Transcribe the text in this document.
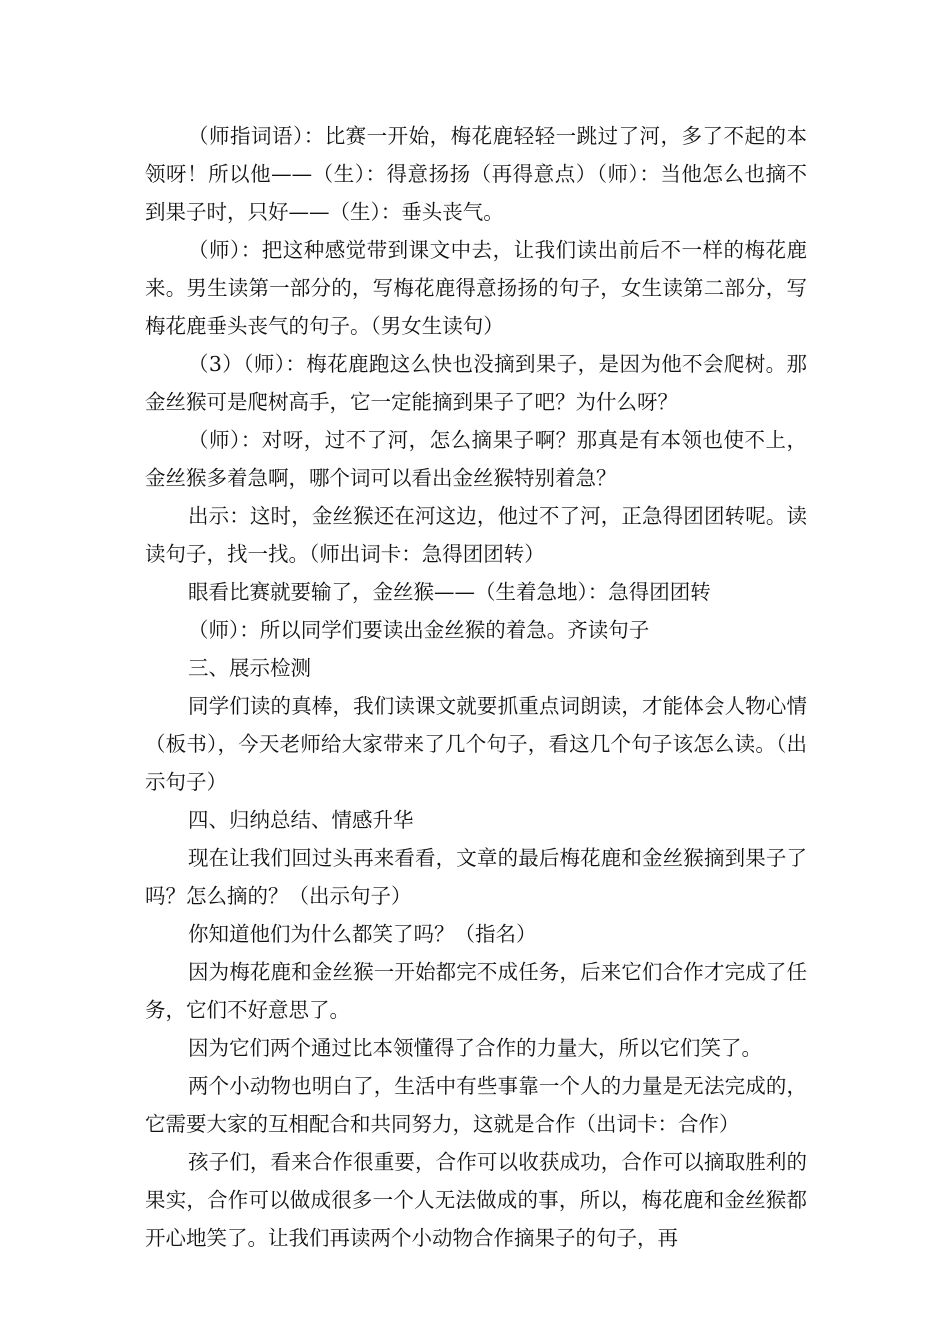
（师指词语）：比赛一开始，梅花鹿轻轻一跳过了河，多了不起的本领呀！所以他——（生）：得意扬扬（再得意点）（师）：当他怎么也摘不到果子时，只好——（生）：垂头丧气。

（师）：把这种感觉带到课文中去，让我们读出前后不一样的梅花鹿来。男生读第一部分的，写梅花鹿得意扬扬的句子，女生读第二部分，写梅花鹿垂头丧气的句子。（男女生读句）

（3）（师）：梅花鹿跑这么快也没摘到果子，是因为他不会爬树。那金丝猴可是爬树高手，它一定能摘到果子了吧？为什么呀？

（师）：对呀，过不了河，怎么摘果子啊？那真是有本领也使不上，金丝猴多着急啊，哪个词可以看出金丝猴特别着急？

出示：这时，金丝猴还在河这边，他过不了河，正急得团团转呢。读读句子，找一找。（师出词卡：急得团团转）

眼看比赛就要输了，金丝猴——（生着急地）：急得团团转

（师）：所以同学们要读出金丝猴的着急。齐读句子

三、展示检测

同学们读的真棒，我们读课文就要抓重点词朗读，才能体会人物心情（板书），今天老师给大家带来了几个句子，看这几个句子该怎么读。（出示句子）

四、归纳总结、情感升华

现在让我们回过头再来看看，文章的最后梅花鹿和金丝猴摘到果子了吗？怎么摘的？（出示句子）

你知道他们为什么都笑了吗？（指名）

因为梅花鹿和金丝猴一开始都完不成任务，后来它们合作才完成了任务，它们不好意思了。

因为它们两个通过比本领懂得了合作的力量大，所以它们笑了。

两个小动物也明白了，生活中有些事靠一个人的力量是无法完成的，它需要大家的互相配合和共同努力，这就是合作（出词卡：合作）

孩子们，看来合作很重要，合作可以收获成功，合作可以摘取胜利的果实，合作可以做成很多一个人无法做成的事，所以，梅花鹿和金丝猴都开心地笑了。让我们再读两个小动物合作摘果子的句子，再
